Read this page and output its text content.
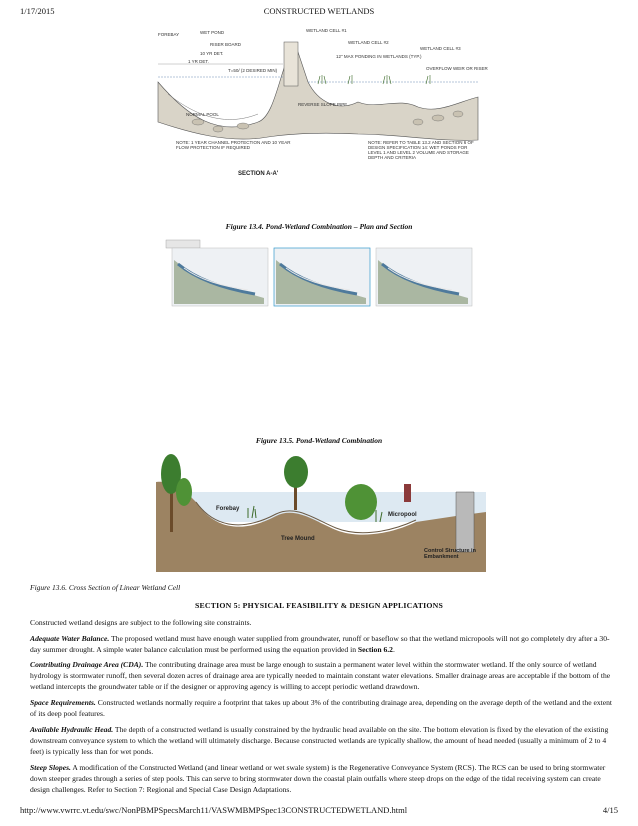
1/17/2015	CONSTRUCTED WETLANDS
FOREBAY	WET POND
RISER BOARD
10 YR DET.
1 YR DET.
T=50/ (2 DESIRED MIN)
WETLAND CELL #1
WETLAND CELL #2
WETLAND CELL #3
12" MAX PONDING IN WETLANDS (TYP.)
OVERFLOW WEIR OR RISER
REVERSE SLOPE PIPE
NORMAL POOL
NOTE: 1 YEAR CHANNEL PROTECTION AND 10 YEAR FLOW PROTECTION IF REQUIRED
NOTE: REFER TO TABLE 13.2 AND SECTION 6 OF DESIGN SPECIFICATION 14: WET PONDS FOR LEVEL 1 AND LEVEL 2 VOLUME AND STORAGE DEPTH AND CRITERIA
SECTION A-A'
Figure 13.4. Pond-Wetland Combination – Plan and Section
Figure 13.5. Pond-Wetland Combination
Forebay
Tree Mound
Micropool
Control Structure in Embankment
Figure 13.6. Cross Section of Linear Wetland Cell
SECTION 5: PHYSICAL FEASIBILITY & DESIGN APPLICATIONS
Constructed wetland designs are subject to the following site constraints.
Adequate Water Balance. The proposed wetland must have enough water supplied from groundwater, runoff or baseflow so that the wetland micropools will not go completely dry after a 30-day summer drought. A simple water balance calculation must be performed using the equation provided in Section 6.2.
Contributing Drainage Area (CDA). The contributing drainage area must be large enough to sustain a permanent water level within the stormwater wetland. If the only source of wetland hydrology is stormwater runoff, then several dozen acres of drainage area are typically needed to maintain constant water elevations. Smaller drainage areas are acceptable if the bottom of the wetland intercepts the groundwater table or if the designer or approving agency is willing to accept periodic wetland drawdown.
Space Requirements. Constructed wetlands normally require a footprint that takes up about 3% of the contributing drainage area, depending on the average depth of the wetland and the extent of its deep pool features.
Available Hydraulic Head. The depth of a constructed wetland is usually constrained by the hydraulic head available on the site. The bottom elevation is fixed by the elevation of the existing downstream conveyance system to which the wetland will ultimately discharge. Because constructed wetlands are typically shallow, the amount of head needed (usually a minimum of 2 to 4 feet) is typically less than for wet ponds.
Steep Slopes. A modification of the Constructed Wetland (and linear wetland or wet swale system) is the Regenerative Conveyance System (RCS). The RCS can be used to bring stormwater down steeper grades through a series of step pools. This can serve to bring stormwater down the coastal plain outfalls where steep drops on the edge of the tidal receiving system can create design challenges. Refer to Section 7: Regional and Special Case Design Adaptations.
http://www.vwrrc.vt.edu/swc/NonPBMPSpecsMarch11/VASWMBMPSpec13CONSTRUCTEDWETLAND.html	4/15
